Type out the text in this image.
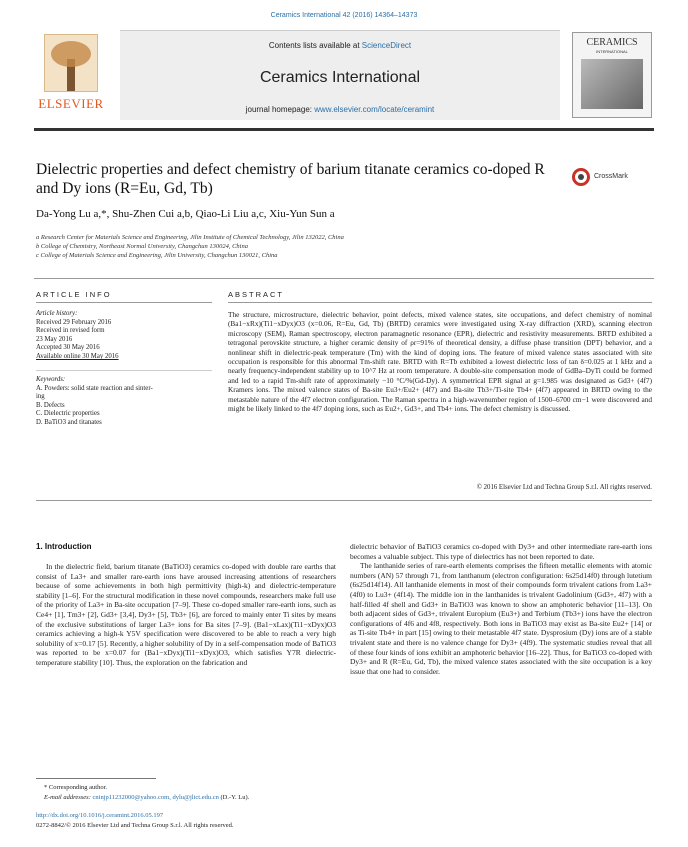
Ceramics International 42 (2016) 14364–14373
ELSEVIER
Contents lists available at ScienceDirect
Ceramics International
journal homepage: www.elsevier.com/locate/ceramint
CERAMICS
INTERNATIONAL
Dielectric properties and defect chemistry of barium titanate ceramics co-doped R and Dy ions (R=Eu, Gd, Tb)
CrossMark
Da-Yong Lu a,*, Shu-Zhen Cui a,b, Qiao-Li Liu a,c, Xiu-Yun Sun a
a Research Center for Materials Science and Engineering, Jilin Institute of Chemical Technology, Jilin 132022, China
b College of Chemistry, Northeast Normal University, Changchun 130024, China
c College of Materials Science and Engineering, Jilin University, Changchun 130021, China
ARTICLE INFO	ABSTRACT
Article history:
Received 29 February 2016
Received in revised form
23 May 2016
Accepted 30 May 2016
Available online 30 May 2016
Keywords:
A. Powders: solid state reaction and sinter-
ing
B. Defects
C. Dielectric properties
D. BaTiO3 and titanates
The structure, microstructure, dielectric behavior, point defects, mixed valence states, site occupations, and defect chemistry of nominal (Ba1−xRx)(Ti1−xDyx)O3 (x=0.06, R=Eu, Gd, Tb) (BRTD) ceramics were investigated using X-ray diffraction (XRD), scanning electron microscopy (SEM), Raman spectroscopy, electron paramagnetic resonance (EPR), dielectric and resistivity measurements. BRTD exhibited a tetragonal perovskite structure, a higher ceramic density of ρr=91% of theoretical density, a diffuse phase transition (DPT) behavior, and a nonlinear shift in dielectric-peak temperature (Tm) with the kind of doping ions. The feature of mixed valence states associated with site occupation is responsible for this abnormal Tm-shift rate. BRTD with R=Tb exhibited a lowest dielectric loss of tan δ=0.025 at 1 kHz and a nearly frequency-independent stability up to 10^7 Hz at room temperature. A double-site compensation mode of GdBa–DyTi could be formed and led to a rapid Tm-shift rate of approximately −10 °C/%(Gd-Dy). A symmetrical EPR signal at g=1.985 was designated as Gd3+ (4f7) Kramers ions. The mixed valence states of Ba-site Eu3+/Eu2+ (4f7) and Ba-site Tb3+/Ti-site Tb4+ (4f7) appeared in BRTD owing to the metastable nature of the 4f7 electron configuration. The Raman spectra in a high-wavenumber region of 1500–6700 cm−1 were discovered and might be likely linked to the 4f7 doping ions, such as Eu2+, Gd3+, and Tb4+ ions. The defect chemistry is discussed.
© 2016 Elsevier Ltd and Techna Group S.r.l. All rights reserved.
1. Introduction

In the dielectric field, barium titanate (BaTiO3) ceramics co-doped with double rare earths that consist of La3+ and smaller rare-earth ions have aroused increasing attentions of researchers because of some achievements in both high permittivity (high-k) and dielectric-temperature stability [1–6]. For the structural modification in these novel compounds, researchers make full use of the priority of La3+ in Ba-site occupation [7–9]. These co-doped smaller rare-earth ions, such as Ce4+ [1], Tm3+ [2], Gd3+ [3,4], Dy3+ [5], Tb3+ [6], are forced to mainly enter Ti sites by means of the exclusive substitutions of larger La3+ ions for Ba sites [7–9]. (Ba1−xLax)(Ti1−xDyx)O3 ceramics achieving a high-k Y5V specification were discovered to be able to reach a very high solubility of x=0.17 [5]. Recently, a higher solubility of Dy in a self-compensation mode of BaTiO3 was reported to be x=0.07 for (Ba1−xDyx)(Ti1−xDyx)O3, which satisfies Y7R dielectric-temperature stability [10]. Thus, the exploration on the fabrication and

dielectric behavior of BaTiO3 ceramics co-doped with Dy3+ and other intermediate rare-earth ions becomes a valuable subject. This type of dielectrics has not been reported to date.

The lanthanide series of rare-earth elements comprises the fifteen metallic elements with atomic numbers (AN) 57 through 71, from lanthanum (electron configuration: 6s25d14f0) through lutetium (6s25d14f14). All lanthanide elements in most of their compounds form trivalent cations from La3+ (4f0) to Lu3+ (4f14). The middle ion in the lanthanides is trivalent Gadolinium (Gd3+, 4f7) with a half-filled 4f shell and Gd3+ in BaTiO3 was known to show an amphoteric behavior [11–13]. On both adjacent sides of Gd3+, trivalent Europium (Eu3+) and Terbium (Tb3+) ions have the electron configurations of 4f6 and 4f8, respectively. Both ions in BaTiO3 may exist as Ba-site Eu2+ [14] or as Ti-site Tb4+ in part [15] owing to their metastable 4f7 state. Dysprosium (Dy) ions are of a stable trivalent state and there is no valence change for Dy3+ (4f9). The systematic studies reveal that all of these four kinds of ions exhibit an amphoteric behavior [16–22]. Thus, for BaTiO3 co-doped with Dy3+ and R (R=Eu, Gd, Tb), the mixed valence states associated with the site occupation is a key issue that one had to consider.

* Corresponding author.
E-mail addresses: cninjp11232000@yahoo.com, dylu@jlict.edu.cn (D.-Y. Lu).
http://dx.doi.org/10.1016/j.ceramint.2016.05.197
0272-8842/© 2016 Elsevier Ltd and Techna Group S.r.l. All rights reserved.
